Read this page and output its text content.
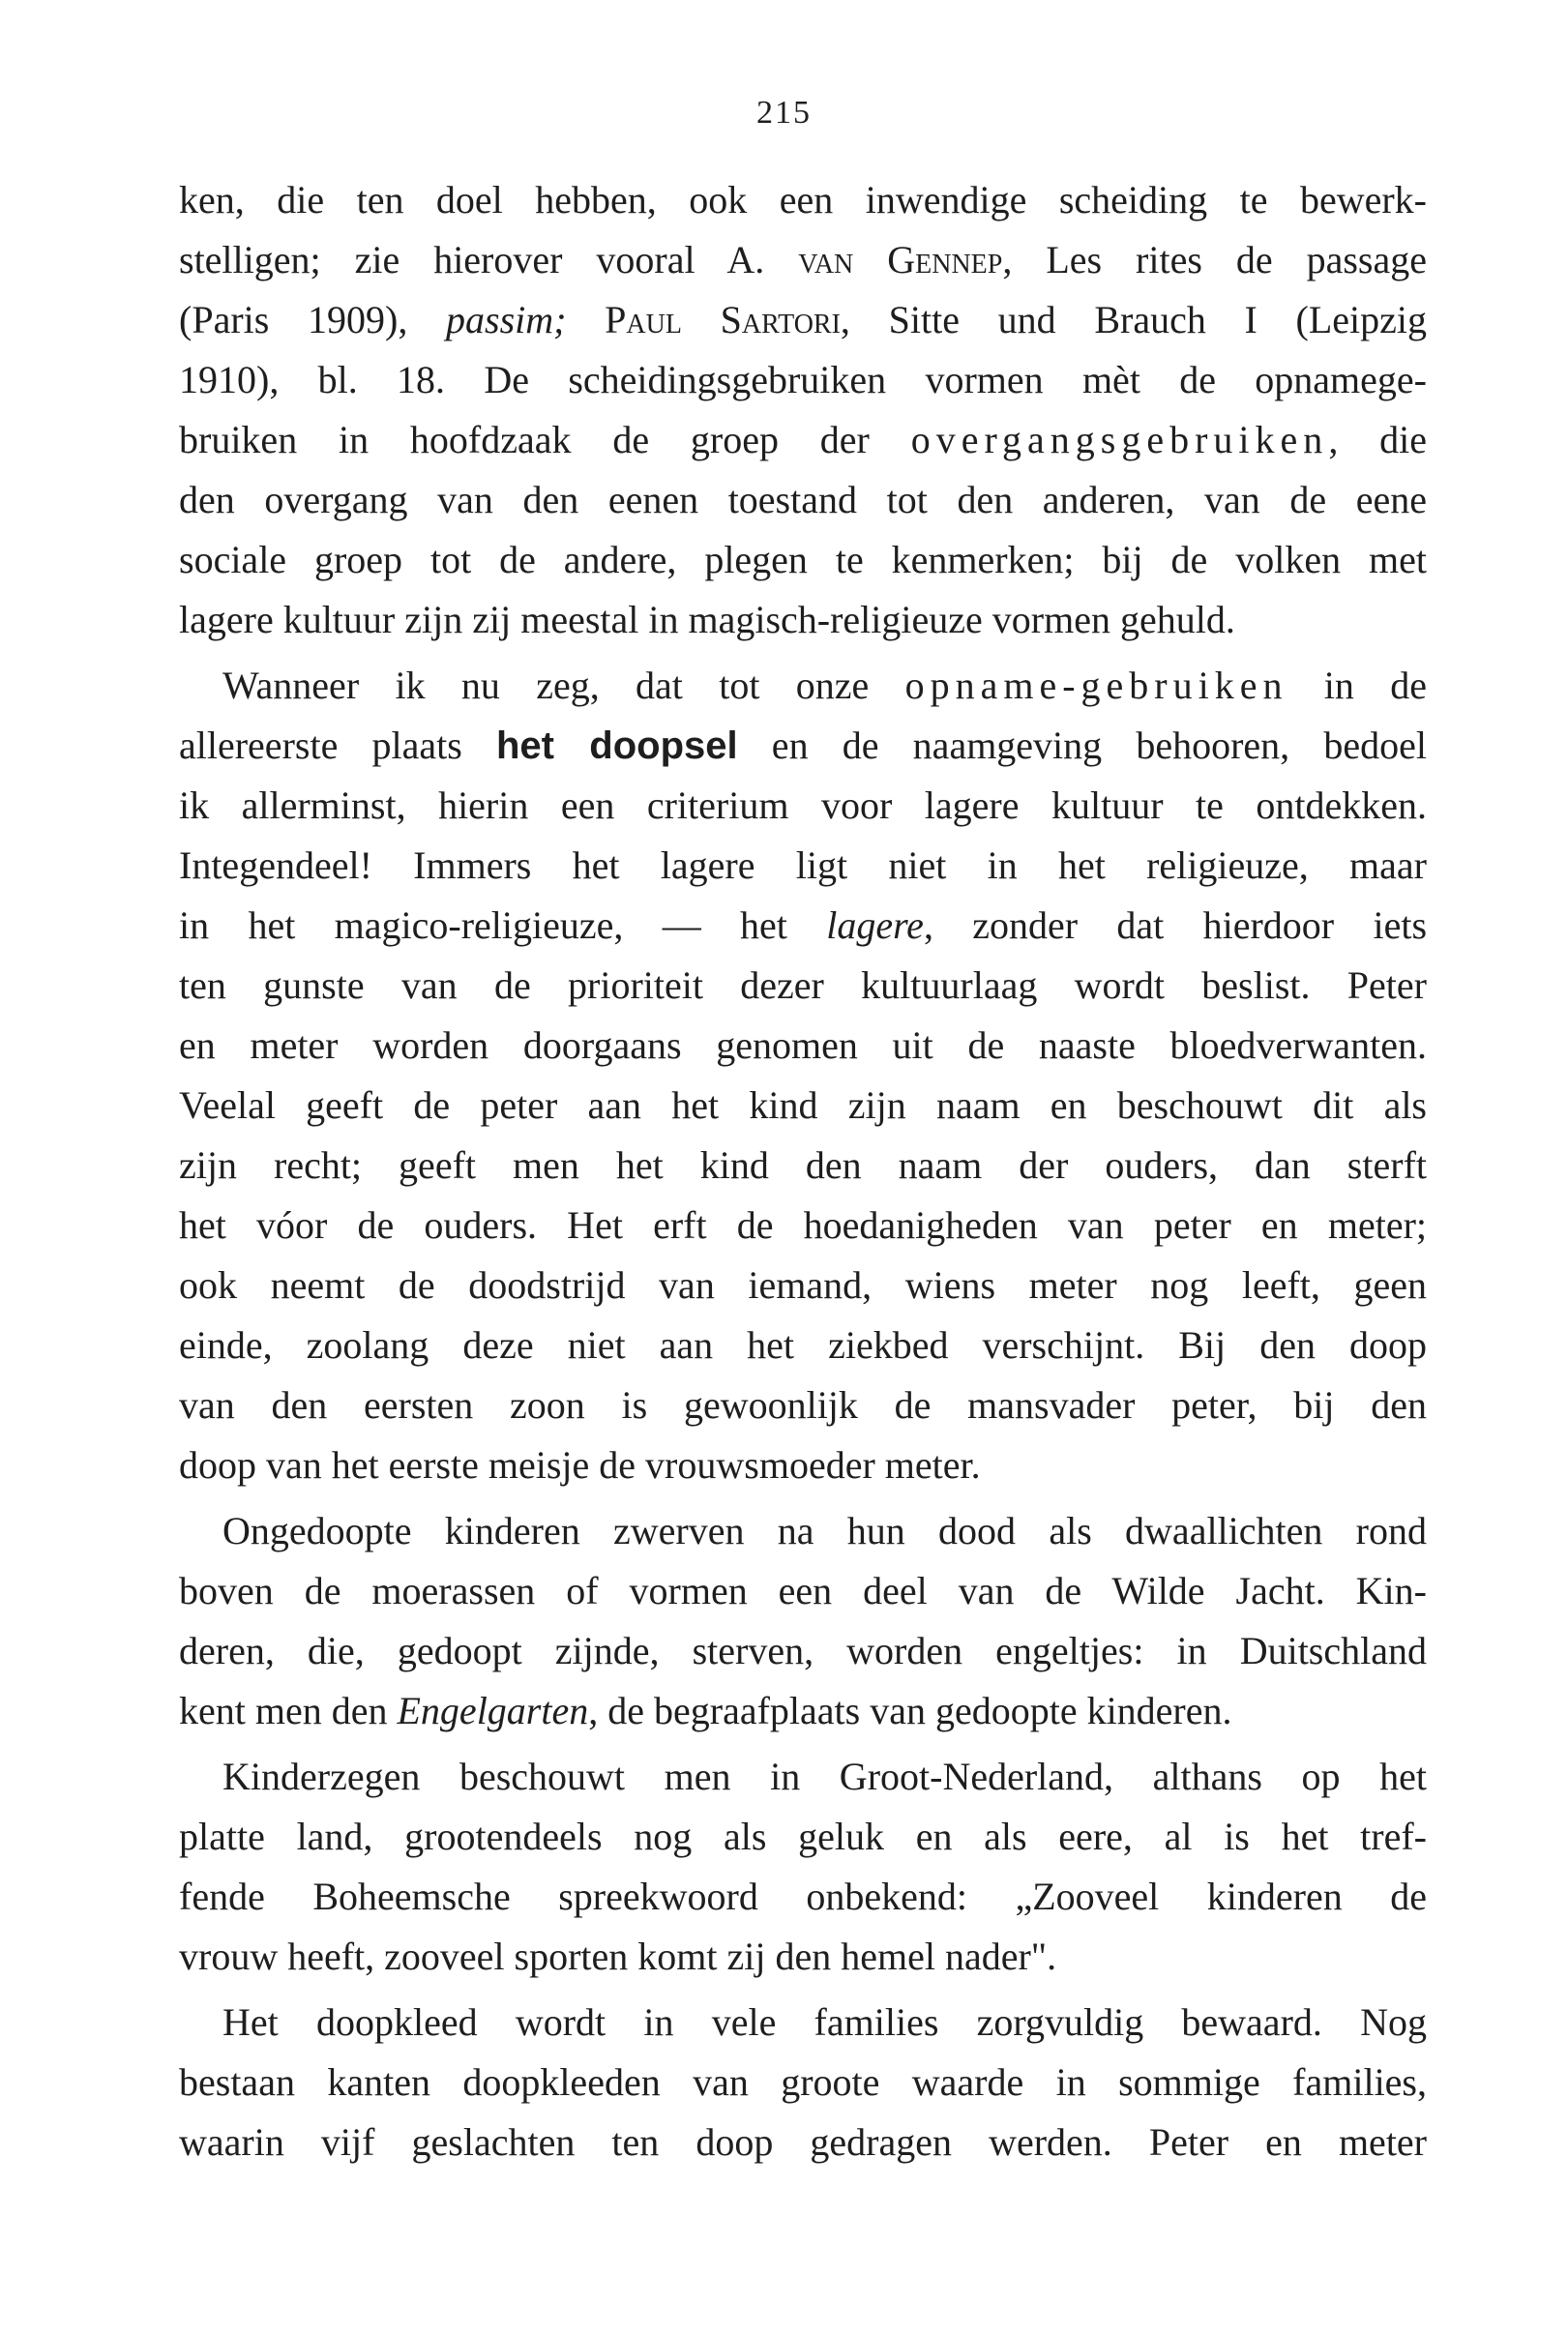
215
ken, die ten doel hebben, ook een inwendige scheiding te bewerk-
stelligen; zie hierover vooral A. van Gennep, Les rites de passage
(Paris 1909), passim; Paul Sartori, Sitte und Brauch I (Leipzig
1910), bl. 18. De scheidingsgebruiken vormen mèt de opnamege-
bruiken in hoofdzaak de groep der overgangsgebruiken, die
den overgang van den eenen toestand tot den anderen, van de eene
sociale groep tot de andere, plegen te kenmerken; bij de volken met
lagere kultuur zijn zij meestal in magisch-religieuze vormen gehuld.
Wanneer ik nu zeg, dat tot onze opname-gebruiken in de
allereerste plaats het doopsel en de naamgeving behooren, bedoel
ik allerminst, hierin een criterium voor lagere kultuur te ontdekken.
Integendeel! Immers het lagere ligt niet in het religieuze, maar
in het magico-religieuze, — het lagere, zonder dat hierdoor iets
ten gunste van de prioriteit dezer kultuurlaag wordt beslist. Peter
en meter worden doorgaans genomen uit de naaste bloedverwanten.
Veelal geeft de peter aan het kind zijn naam en beschouwt dit als
zijn recht; geeft men het kind den naam der ouders, dan sterft
het vóor de ouders. Het erft de hoedanigheden van peter en meter;
ook neemt de doodstrijd van iemand, wiens meter nog leeft, geen
einde, zoolang deze niet aan het ziekbed verschijnt. Bij den doop
van den eersten zoon is gewoonlijk de mansvader peter, bij den
doop van het eerste meisje de vrouwsmoeder meter.
Ongedoopte kinderen zwerven na hun dood als dwaallichten rond
boven de moerassen of vormen een deel van de Wilde Jacht. Kin-
deren, die, gedoopt zijnde, sterven, worden engeltjes: in Duitschland
kent men den Engelgarten, de begraafplaats van gedoopte kinderen.
Kinderzegen beschouwt men in Groot-Nederland, althans op het
platte land, grootendeels nog als geluk en als eere, al is het tref-
fende Boheemsche spreekwoord onbekend: „Zooveel kinderen de
vrouw heeft, zooveel sporten komt zij den hemel nader".
Het doopkleed wordt in vele families zorgvuldig bewaard. Nog
bestaan kanten doopkleeden van groote waarde in sommige families,
waarin vijf geslachten ten doop gedragen werden. Peter en meter
